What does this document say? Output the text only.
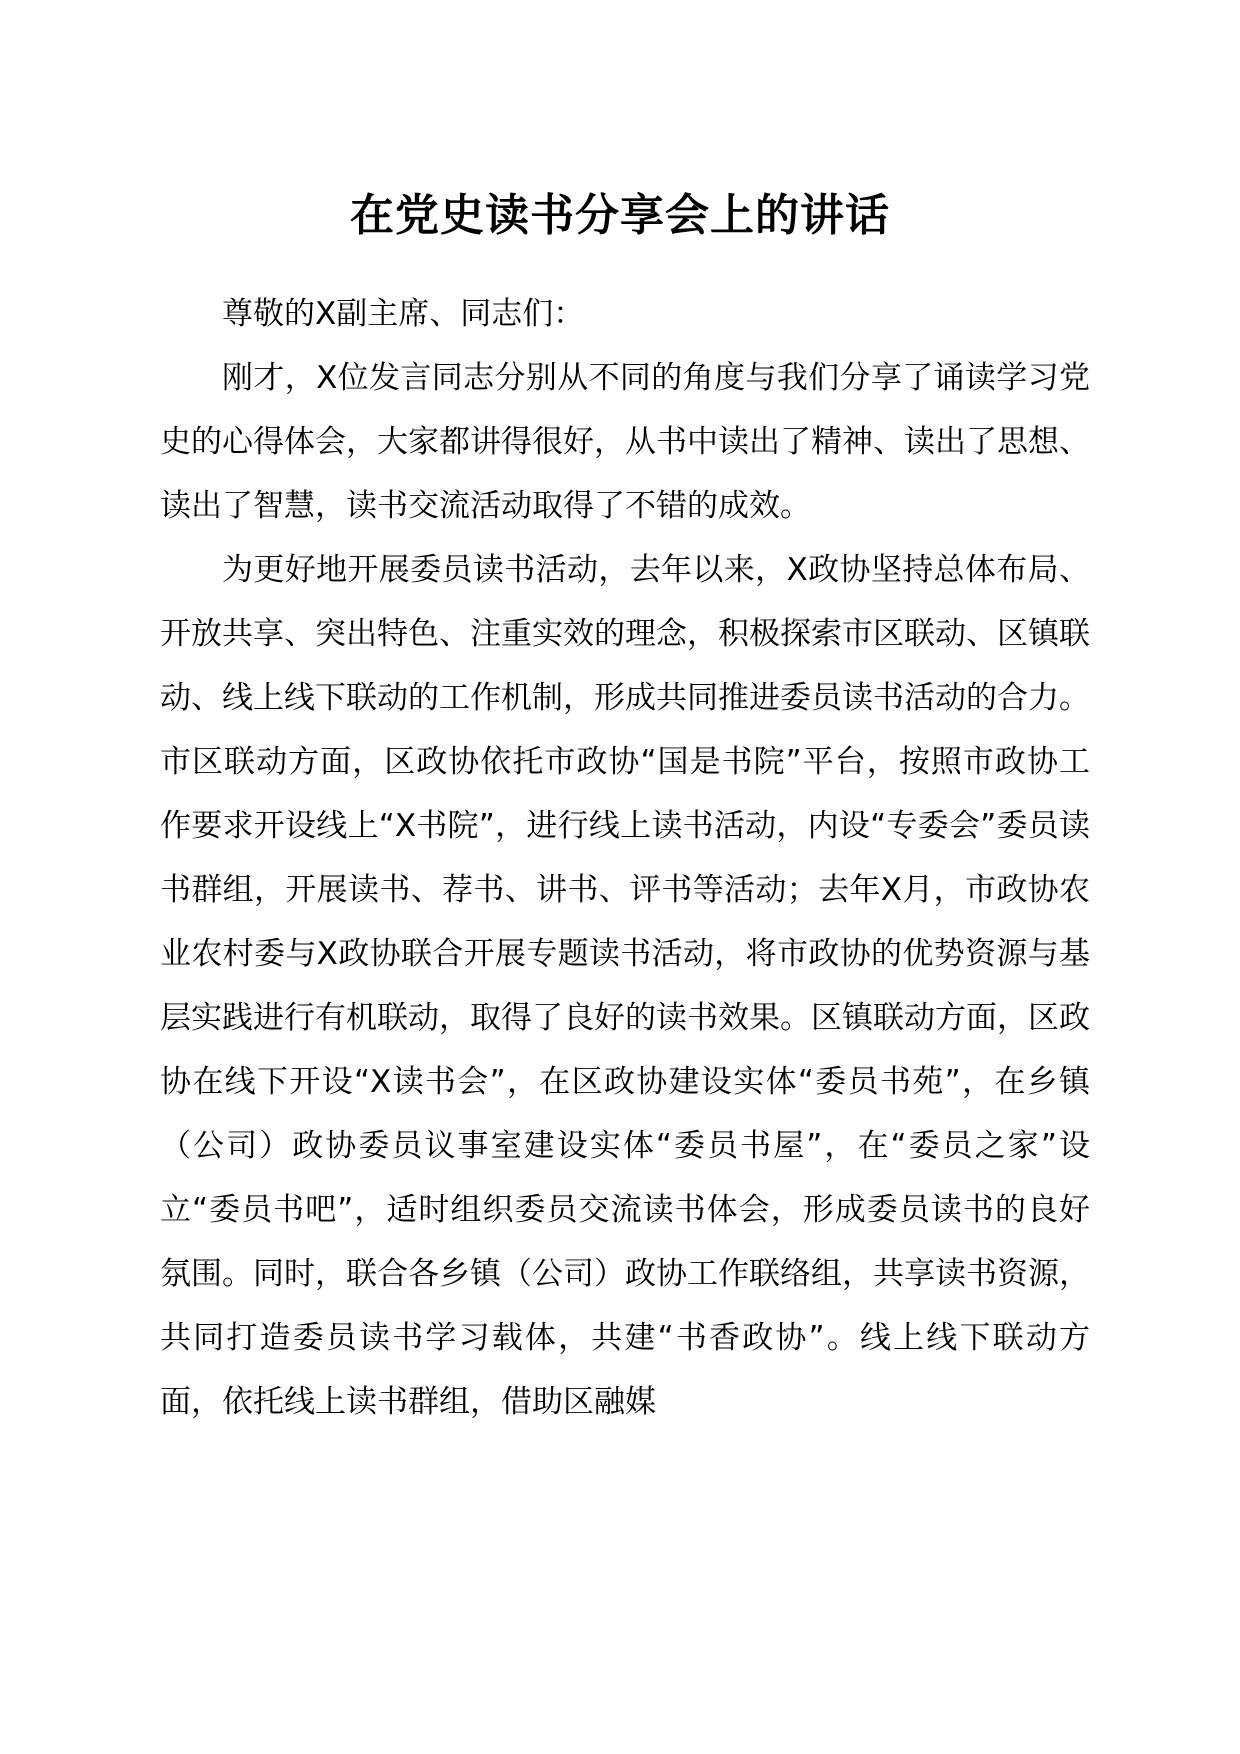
在党史读书分享会上的讲话

尊敬的X副主席、同志们：

刚才，X位发言同志分别从不同的角度与我们分享了诵读学习党史的心得体会，大家都讲得很好，从书中读出了精神、读出了思想、读出了智慧，读书交流活动取得了不错的成效。

为更好地开展委员读书活动，去年以来，X政协坚持总体布局、开放共享、突出特色、注重实效的理念，积极探索市区联动、区镇联动、线上线下联动的工作机制，形成共同推进委员读书活动的合力。市区联动方面，区政协依托市政协“国是书院”平台，按照市政协工作要求开设线上“X书院”，进行线上读书活动，内设“专委会”委员读书群组，开展读书、荐书、讲书、评书等活动；去年X月，市政协农业农村委与X政协联合开展专题读书活动，将市政协的优势资源与基层实践进行有机联动，取得了良好的读书效果。区镇联动方面，区政协在线下开设“X读书会”，在区政协建设实体“委员书苑”，在乡镇（公司）政协委员议事室建设实体“委员书屋”，在“委员之家”设立“委员书吧”，适时组织委员交流读书体会，形成委员读书的良好氛围。同时，联合各乡镇（公司）政协工作联络组，共享读书资源，共同打造委员读书学习载体，共建“书香政协”。线上线下联动方面，依托线上读书群组，借助区融媒
